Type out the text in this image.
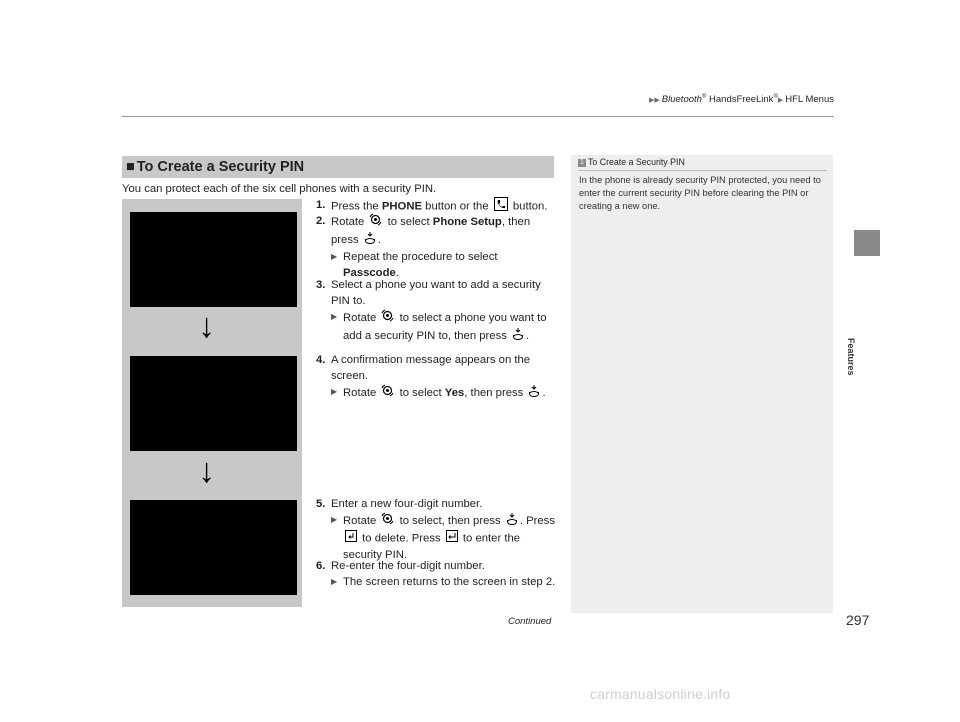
▶▶ Bluetooth® HandsFreeLink®▶ HFL Menus
Features
■ To Create a Security PIN
You can protect each of the six cell phones with a security PIN.
↓
↓
1. Press the PHONE button or the  button.
2. Rotate  to select Phone Setup, then press .
▶ Repeat the procedure to select Passcode.
3. Select a phone you want to add a security PIN to.
▶ Rotate  to select a phone you want to add a security PIN to, then press .
4. A confirmation message appears on the screen.
▶ Rotate  to select Yes, then press .
5. Enter a new four-digit number.
▶ Rotate  to select, then press . Press  to delete. Press  to enter the security PIN.
6. Re-enter the four-digit number.
▶ The screen returns to the screen in step 2.
1 To Create a Security PIN
In the phone is already security PIN protected, you need to enter the current security PIN before clearing the PIN or creating a new one.
Continued	297
carmanualsonline.info
